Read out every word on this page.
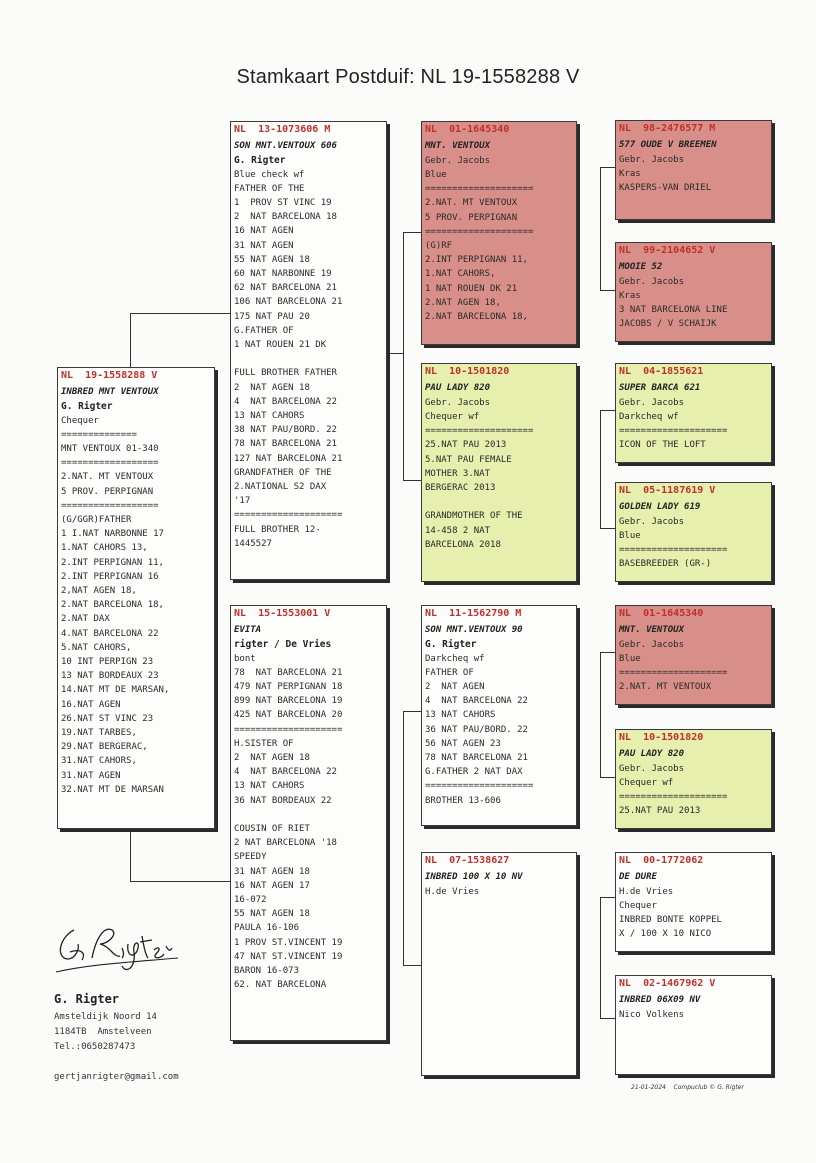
Stamkaart Postduif: NL 19-1558288 V
NL  19-1558288 V
INBRED MNT VENTOUX
G. Rigter
Chequer
==============
MNT VENTOUX 01-340
==================
2.NAT. MT VENTOUX
5 PROV. PERPIGNAN
==================
(G/GGR)FATHER
1 I.NAT NARBONNE 17
1.NAT CAHORS 13,
2.INT PERPIGNAN 11,
2.INT PERPIGNAN 16
2,NAT AGEN 18,
2.NAT BARCELONA 18,
2.NAT DAX
4.NAT BARCELONA 22
5.NAT CAHORS,
10 INT PERPIGN 23
13 NAT BORDEAUX 23
14.NAT MT DE MARSAN,
16.NAT AGEN
26.NAT ST VINC 23
19.NAT TARBES,
29.NAT BERGERAC,
31.NAT CAHORS,
31.NAT AGEN
32.NAT MT DE MARSAN
NL  13-1073606 M
SON MNT.VENTOUX 606
G. Rigter
Blue check wf
FATHER OF THE
1  PROV ST VINC 19
2  NAT BARCELONA 18
16 NAT AGEN
31 NAT AGEN
55 NAT AGEN 18
60 NAT NARBONNE 19
62 NAT BARCELONA 21
106 NAT BARCELONA 21
175 NAT PAU 20
G.FATHER OF
1 NAT ROUEN 21 DK
FULL BROTHER FATHER
2  NAT AGEN 18
4  NAT BARCELONA 22
13 NAT CAHORS
38 NAT PAU/BORD. 22
78 NAT BARCELONA 21
127 NAT BARCELONA 21
GRANDFATHER OF THE
2.NATIONAL S2 DAX
'17
====================
FULL BROTHER 12-
1445527
NL  15-1553001 V
EVITA
rigter / De Vries
bont
78  NAT BARCELONA 21
479 NAT PERPIGNAN 18
899 NAT BARCELONA 19
425 NAT BARCELONA 20
====================
H.SISTER OF
2  NAT AGEN 18
4  NAT BARCELONA 22
13 NAT CAHORS
36 NAT BORDEAUX 22
COUSIN OF RIET
2 NAT BARCELONA '18
SPEEDY
31 NAT AGEN 18
16 NAT AGEN 17
16-072
55 NAT AGEN 18
PAULA 16-106
1 PROV ST.VINCENT 19
47 NAT ST.VINCENT 19
BARON 16-073
62. NAT BARCELONA
NL  01-1645340
MNT. VENTOUX
Gebr. Jacobs
Blue
====================
2.NAT. MT VENTOUX
5 PROV. PERPIGNAN
====================
(G)RF
2.INT PERPIGNAN 11,
1.NAT CAHORS,
1 NAT ROUEN DK 21
2.NAT AGEN 18,
2.NAT BARCELONA 18,
NL  10-1501820
PAU LADY 820
Gebr. Jacobs
Chequer wf
====================
25.NAT PAU 2013
5.NAT PAU FEMALE
MOTHER 3.NAT
BERGERAC 2013
GRANDMOTHER OF THE
14-458 2 NAT
BARCELONA 2018
NL  11-1562790 M
SON MNT.VENTOUX 90
G. Rigter
Darkcheq wf
FATHER OF
2  NAT AGEN
4  NAT BARCELONA 22
13 NAT CAHORS
36 NAT PAU/BORD. 22
56 NAT AGEN 23
78 NAT BARCELONA 21
G.FATHER 2 NAT DAX
====================
BROTHER 13-606
NL  07-1538627
INBRED 100 X 10 NV
H.de Vries
NL  98-2476577 M
577 OUDE V BREEMEN
Gebr. Jacobs
Kras
KASPERS-VAN DRIEL
NL  99-2104652 V
MOOIE 52
Gebr. Jacobs
Kras
3 NAT BARCELONA LINE
JACOBS / V SCHAIJK
NL  04-1855621
SUPER BARCA 621
Gebr. Jacobs
Darkcheq wf
====================
ICON OF THE LOFT
NL  05-1187619 V
GOLDEN LADY 619
Gebr. Jacobs
Blue
====================
BASEBREEDER (GR-)
NL  01-1645340
MNT. VENTOUX
Gebr. Jacobs
Blue
====================
2.NAT. MT VENTOUX
NL  10-1501820
PAU LADY 820
Gebr. Jacobs
Chequer wf
====================
25.NAT PAU 2013
NL  00-1772062
DE DURE
H.de Vries
Chequer
INBRED BONTE KOPPEL
X / 100 X 10 NICO
NL  02-1467962 V
INBRED 06X09 NV
Nico Volkens
G. Rigter
Amsteldijk Noord 14
1184TB  Amstelveen
Tel.:0650287473
gertjanrigter@gmail.com
21-01-2024    Compuclub © G. Rigter
